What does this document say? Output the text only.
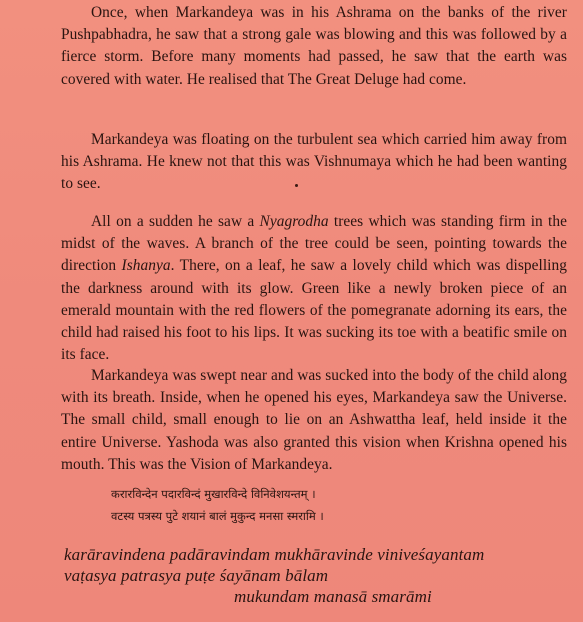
Once, when Markandeya was in his Ashrama on the banks of the river Pushpabhadra, he saw that a strong gale was blowing and this was followed by a fierce storm. Before many moments had passed, he saw that the earth was covered with water. He realised that The Great Deluge had come.

Markandeya was floating on the turbulent sea which carried him away from his Ashrama. He knew not that this was Vishnumaya which he had been wanting to see.

All on a sudden he saw a Nyagrodha trees which was standing firm in the midst of the waves. A branch of the tree could be seen, pointing towards the direction Ishanya. There, on a leaf, he saw a lovely child which was dispelling the darkness around with its glow. Green like a newly broken piece of an emerald mountain with the red flowers of the pomegranate adorning its ears, the child had raised his foot to his lips. It was sucking its toe with a beatific smile on its face.

Markandeya was swept near and was sucked into the body of the child along with its breath. Inside, when he opened his eyes, Markandeya saw the Universe. The small child, small enough to lie on an Ashwattha leaf, held inside it the entire Universe. Yashoda was also granted this vision when Krishna opened his mouth. This was the Vision of Markandeya.

करारविन्देन पदारविन्दं मुखारविन्दे विनिवेशयन्तम् ।
वटस्य पत्रस्य पुटे शयानं बालं मुकुन्द मनसा स्मरामि ।
karāravindena padāravindam mukhāravinde viniveśayantam
vaṭasya patrasya puṭe śayānam bālam
mukundam manasā smarāmi
